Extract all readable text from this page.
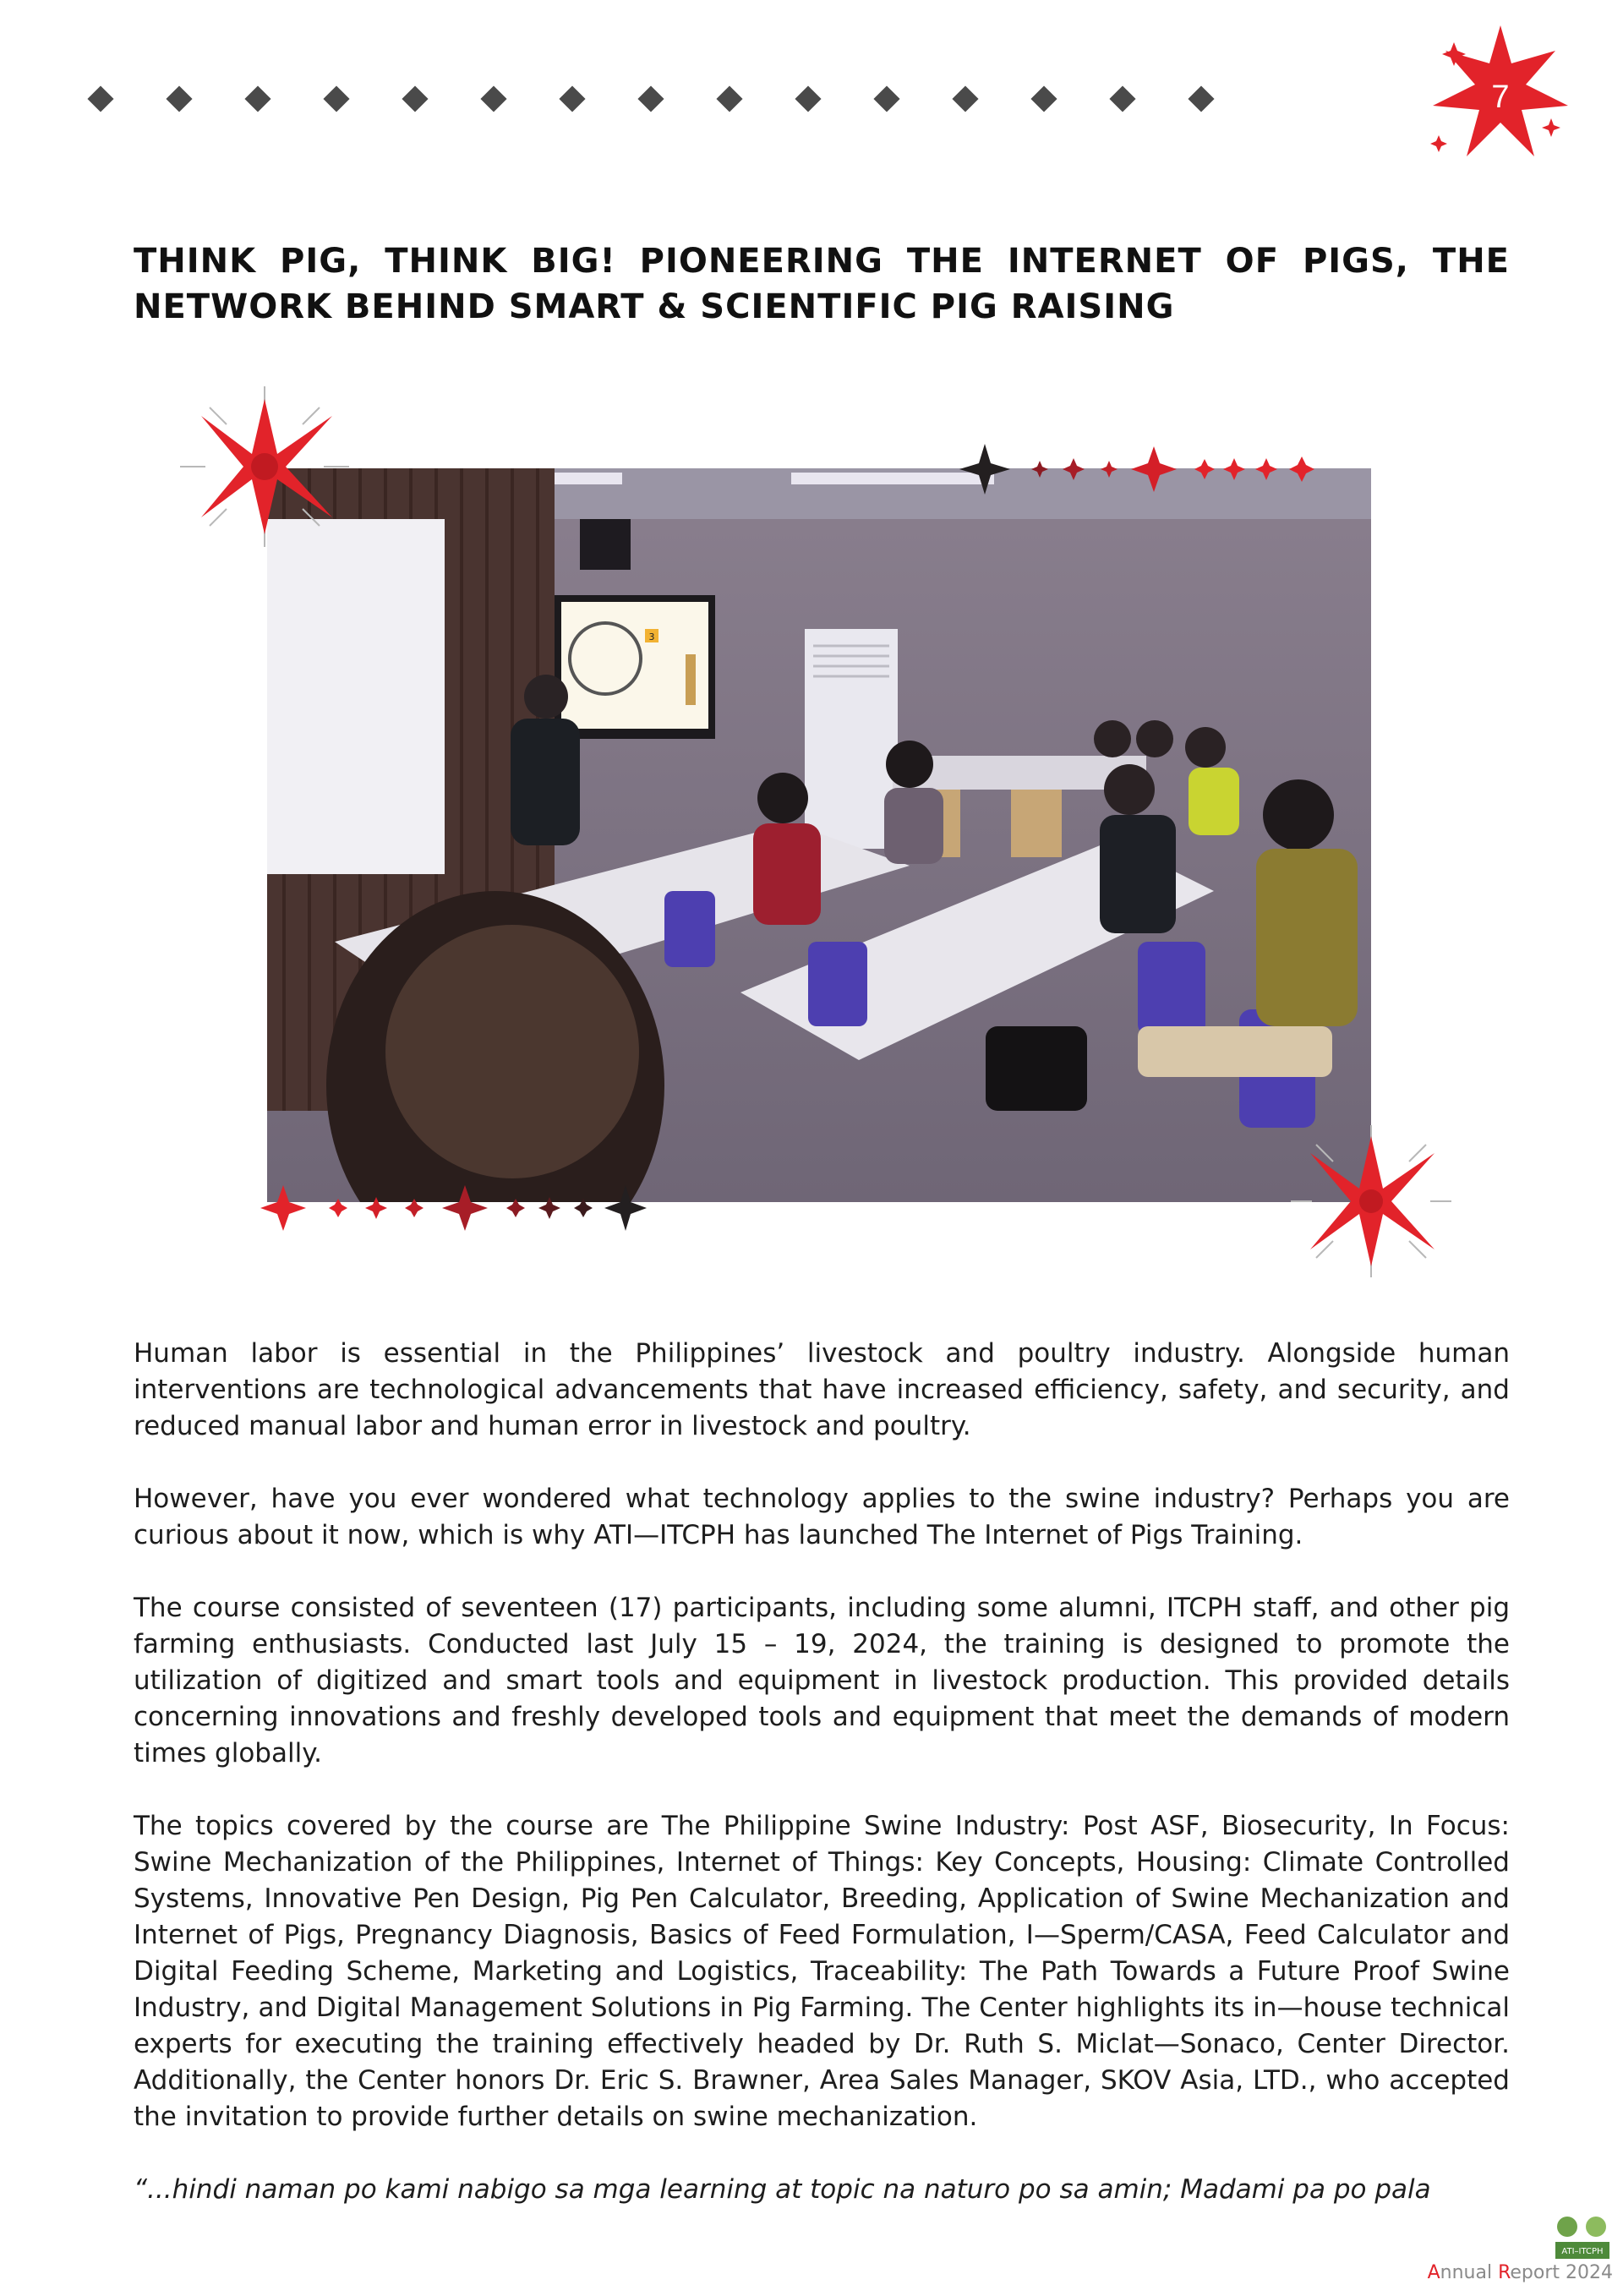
7
THINK PIG, THINK BIG! PIONEERING THE INTERNET OF PIGS, THE NETWORK BEHIND SMART & SCIENTIFIC PIG RAISING
3

Human labor is essential in the Philippines’ livestock and poultry industry. Alongside human interventions are technological advancements that have increased efficiency, safety, and security, and reduced manual labor and human error in livestock and poultry.

However, have you ever wondered what technology applies to the swine industry? Perhaps you are curious about it now, which is why ATI—ITCPH has launched The Internet of Pigs Training.

The course consisted of seventeen (17) participants, including some alumni, ITCPH staff, and other pig farming enthusiasts. Conducted last July 15 – 19, 2024, the training is designed to promote the utilization of digitized and smart tools and equipment in livestock production. This provided details concerning innovations and freshly developed tools and equipment that meet the demands of modern times globally.

The topics covered by the course are The Philippine Swine Industry: Post ASF, Biosecurity, In Focus: Swine Mechanization of the Philippines, Internet of Things: Key Concepts, Housing: Climate Controlled Systems, Innovative Pen Design, Pig Pen Calculator, Breeding, Application of Swine Mechanization and Internet of Pigs, Pregnancy Diagnosis, Basics of Feed Formulation, I—Sperm/CASA, Feed Calculator and Digital Feeding Scheme, Marketing and Logistics, Traceability: The Path Towards a Future Proof Swine Industry, and Digital Management Solutions in Pig Farming. The Center highlights its in—house technical experts for executing the training effectively headed by Dr. Ruth S. Miclat—Sonaco, Center Director. Additionally, the Center honors Dr. Eric S. Brawner, Area Sales Manager, SKOV Asia, LTD., who accepted the invitation to provide further details on swine mechanization.

“...hindi naman po kami nabigo sa mga learning at topic na naturo po sa amin; Madami pa po pala

ATI–ITCPH
Annual Report 2024
